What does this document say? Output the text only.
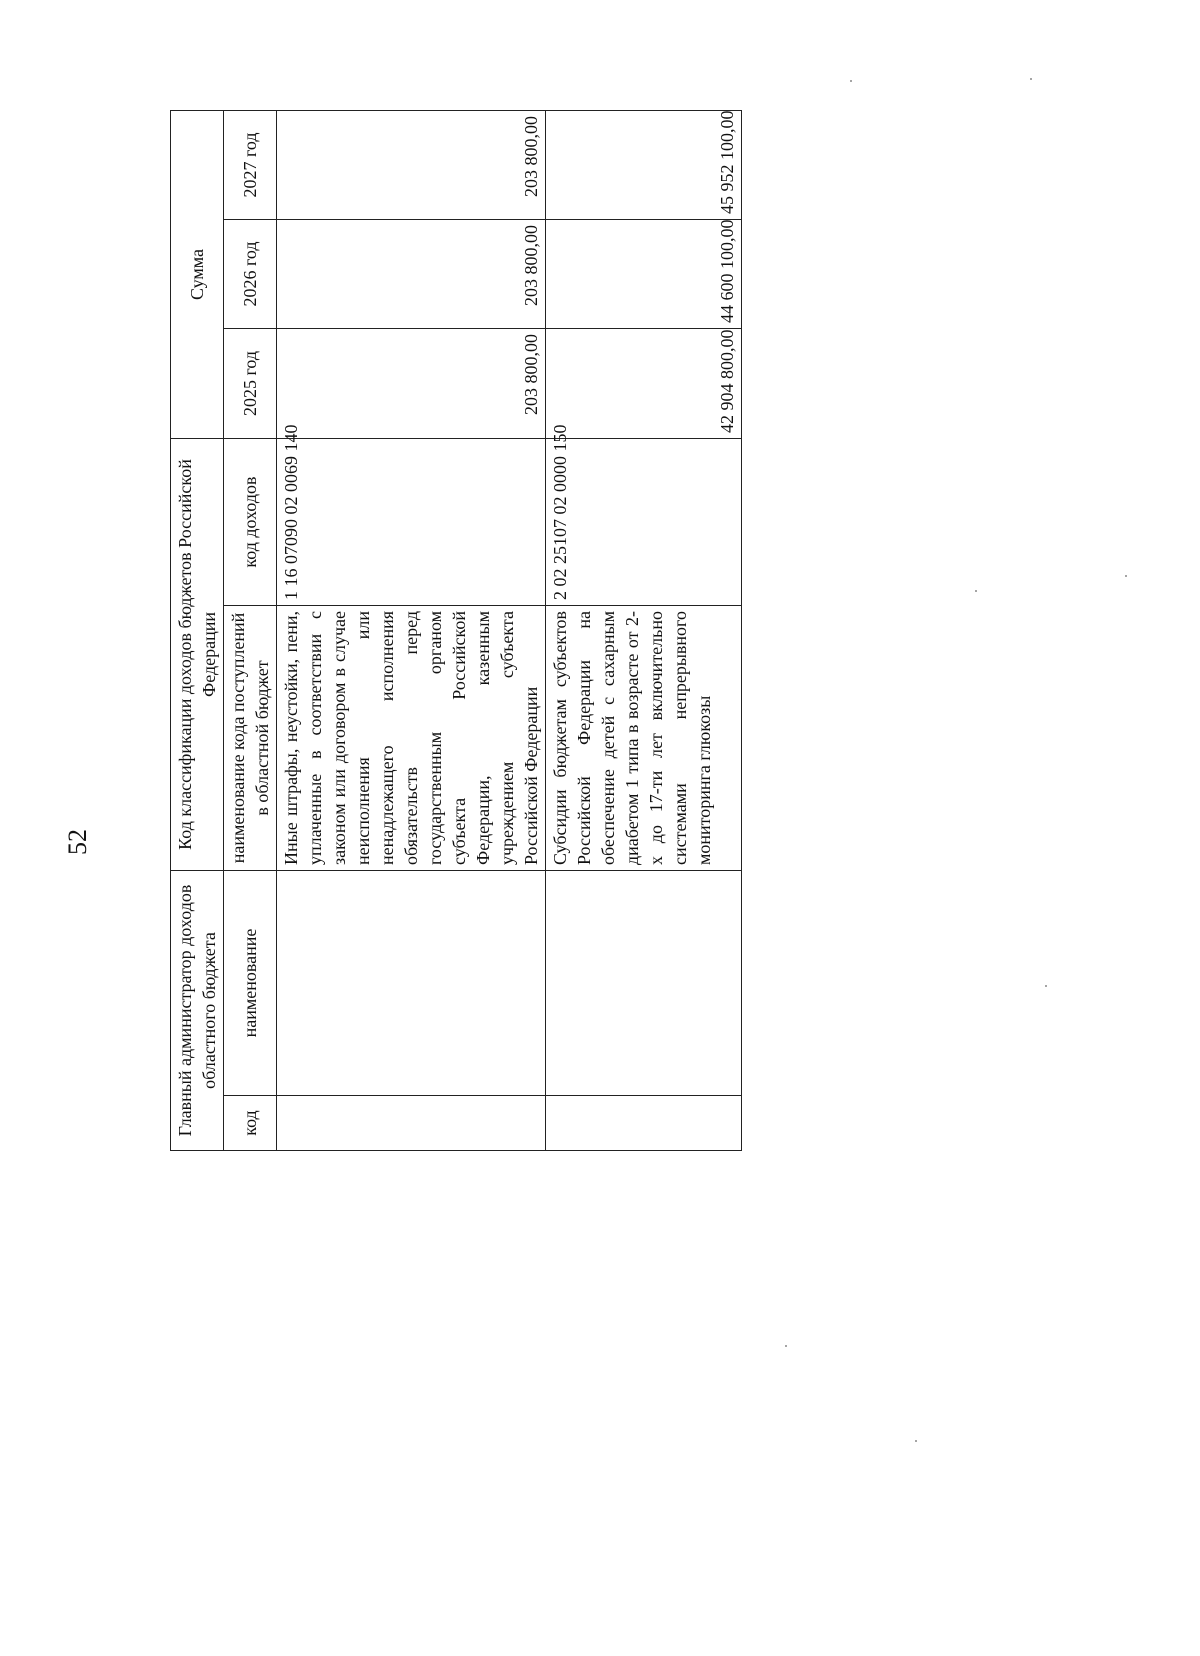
52
Главный администратор доходов областного бюджета		Код классификации доходов бюджетов Российской Федерации		Сумма		
код	наименование	наименование кода поступлений в областной бюджет	код доходов	2025 год	2026 год	2027 год
		Иные штрафы, неустойки, пени, уплаченные в соответствии с законом или договором в случае неисполнения или ненадлежащего исполнения обязательств перед государственным органом субъекта Российской Федерации, казенным учреждением субъекта Российской Федерации	1 16 07090 02 0069 140	203 800,00	203 800,00	203 800,00
		Субсидии бюджетам субъектов Российской Федерации на обеспечение детей с сахарным диабетом 1 типа в возрасте от 2-х до 17-ти лет включительно системами непрерывного мониторинга глюкозы	2 02 25107 02 0000 150	42 904 800,00	44 600 100,00	45 952 100,00
